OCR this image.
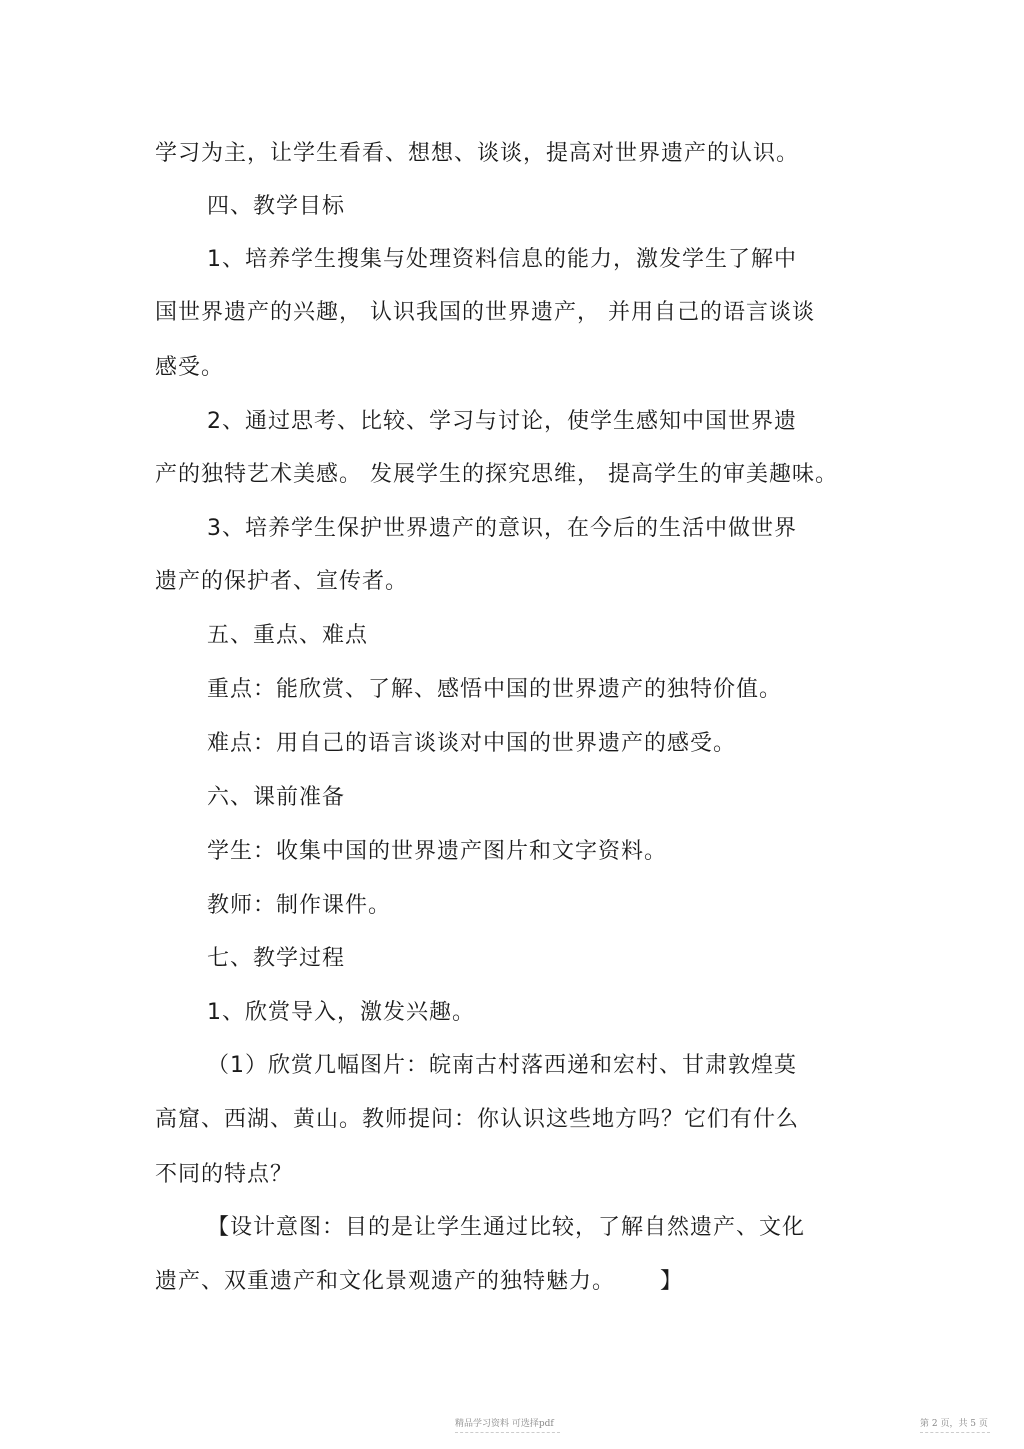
学习为主，让学生看看、想想、谈谈，提高对世界遗产的认识。
四、教学目标
1、培养学生搜集与处理资料信息的能力，激发学生了解中
国世界遗产的兴趣， 认识我国的世界遗产， 并用自己的语言谈谈
感受。
2、通过思考、比较、学习与讨论，使学生感知中国世界遗
产的独特艺术美感。 发展学生的探究思维， 提高学生的审美趣味。
3、培养学生保护世界遗产的意识，在今后的生活中做世界
遗产的保护者、宣传者。
五、重点、难点
重点：能欣赏、了解、感悟中国的世界遗产的独特价值。
难点：用自己的语言谈谈对中国的世界遗产的感受。
六、课前准备
学生：收集中国的世界遗产图片和文字资料。
教师：制作课件。
七、教学过程
1、欣赏导入，激发兴趣。
（1）欣赏几幅图片：皖南古村落西递和宏村、甘肃敦煌莫
高窟、西湖、黄山。教师提问：你认识这些地方吗？它们有什么
不同的特点？
【设计意图：目的是让学生通过比较，了解自然遗产、文化
遗产、双重遗产和文化景观遗产的独特魅力。 】
精品学习资料 可选择pdf	第 2 页，共 5 页
